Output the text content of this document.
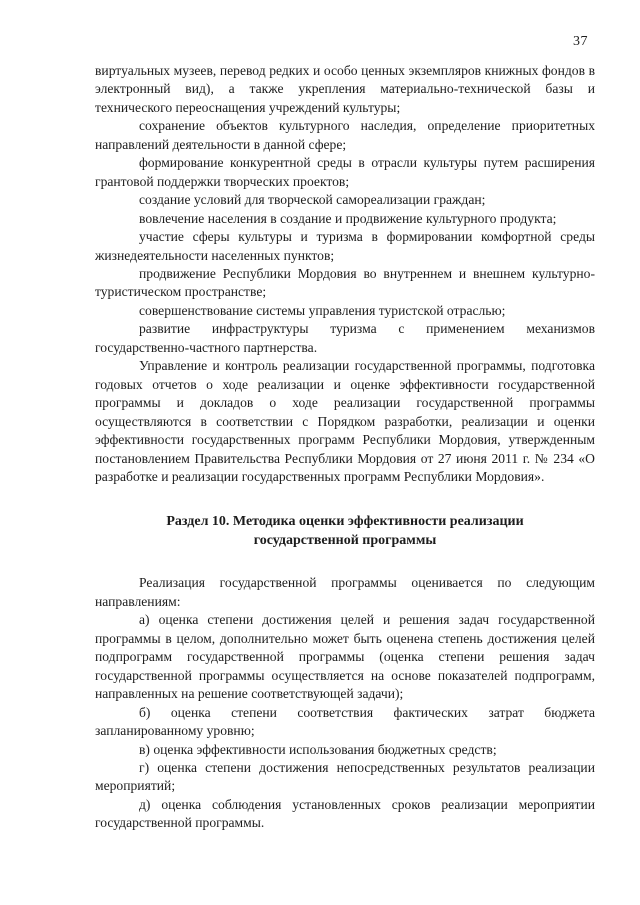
37

виртуальных музеев, перевод редких и особо ценных экземпляров книжных фондов в электронный вид), а также укрепления материально-технической базы и технического переоснащения учреждений культуры;

сохранение объектов культурного наследия, определение приоритетных направлений деятельности в данной сфере;

формирование конкурентной среды в отрасли культуры путем расширения грантовой поддержки творческих проектов;

создание условий для творческой самореализации граждан;

вовлечение населения в создание и продвижение культурного продукта;

участие сферы культуры и туризма в формировании комфортной среды жизнедеятельности населенных пунктов;

продвижение Республики Мордовия во внутреннем и внешнем культурно-туристическом пространстве;

совершенствование системы управления туристской отраслью;

развитие инфраструктуры туризма с применением механизмов государственно-частного партнерства.

Управление и контроль реализации государственной программы, подготовка годовых отчетов о ходе реализации и оценке эффективности государственной программы и докладов о ходе реализации государственной программы осуществляются в соответствии с Порядком разработки, реализации и оценки эффективности государственных программ Республики Мордовия, утвержденным постановлением Правительства Республики Мордовия от 27 июня 2011 г. № 234 «О разработке и реализации государственных программ Республики Мордовия».

Раздел 10. Методика оценки эффективности реализации
государственной программы

Реализация государственной программы оценивается по следующим направлениям:

а) оценка степени достижения целей и решения задач государственной программы в целом, дополнительно может быть оценена степень достижения целей подпрограмм государственной программы (оценка степени решения задач государственной программы осуществляется на основе показателей подпрограмм, направленных на решение соответствующей задачи);

б) оценка степени соответствия фактических затрат бюджета запланированному уровню;

в) оценка эффективности использования бюджетных средств;

г) оценка степени достижения непосредственных результатов реализации мероприятий;

д) оценка соблюдения установленных сроков реализации мероприятии государственной программы.
